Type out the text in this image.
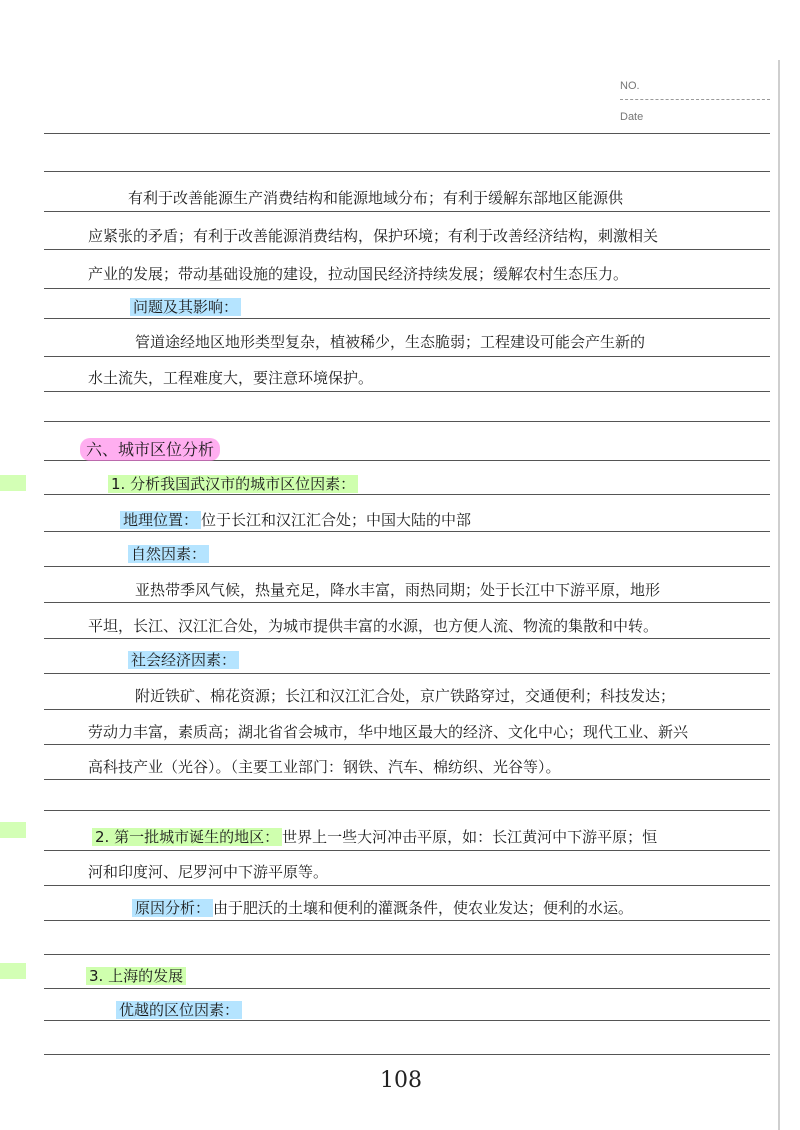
NO.
Date
有利于改善能源生产消费结构和能源地域分布；有利于缓解东部地区能源供
应紧张的矛盾；有利于改善能源消费结构，保护环境；有利于改善经济结构，刺激相关
产业的发展；带动基础设施的建设，拉动国民经济持续发展；缓解农村生态压力。
问题及其影响：
管道途经地区地形类型复杂，植被稀少，生态脆弱；工程建设可能会产生新的
水土流失，工程难度大，要注意环境保护。
六、城市区位分析
1. 分析我国武汉市的城市区位因素：
地理位置： 位于长江和汉江汇合处；中国大陆的中部
自然因素：
亚热带季风气候，热量充足，降水丰富，雨热同期；处于长江中下游平原，地形
平坦，长江、汉江汇合处，为城市提供丰富的水源，也方便人流、物流的集散和中转。
社会经济因素：
附近铁矿、棉花资源；长江和汉江汇合处，京广铁路穿过，交通便利；科技发达；
劳动力丰富，素质高；湖北省省会城市，华中地区最大的经济、文化中心；现代工业、新兴
高科技产业（光谷）。（主要工业部门：钢铁、汽车、棉纺织、光谷等）。
2. 第一批城市诞生的地区： 世界上一些大河冲击平原，如：长江黄河中下游平原；恒
河和印度河、尼罗河中下游平原等。
原因分析： 由于肥沃的土壤和便利的灌溉条件，使农业发达；便利的水运。
3. 上海的发展
优越的区位因素：
108
